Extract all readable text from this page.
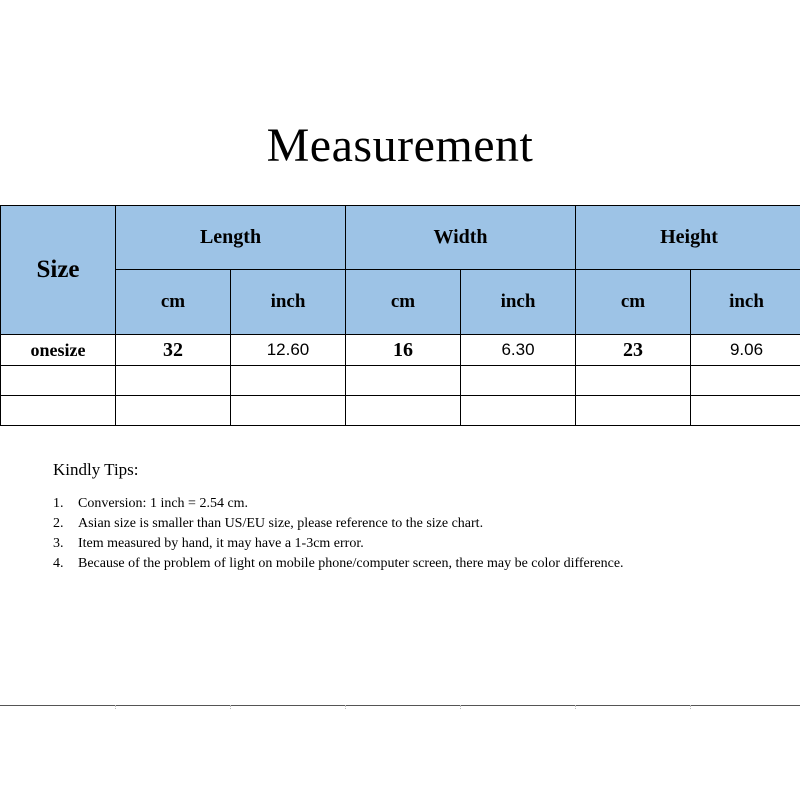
Measurement
Size	Length		Width		Height	
	cm	inch	cm	inch	cm	inch
onesize	32	12.60	16	6.30	23	9.06

Kindly Tips:
1. Conversion: 1 inch = 2.54 cm.
2. Asian size is smaller than US/EU size, please reference to the size chart.
3. Item measured by hand, it may have a 1-3cm error.
4. Because of the problem of light on mobile phone/computer screen, there may be color difference.
